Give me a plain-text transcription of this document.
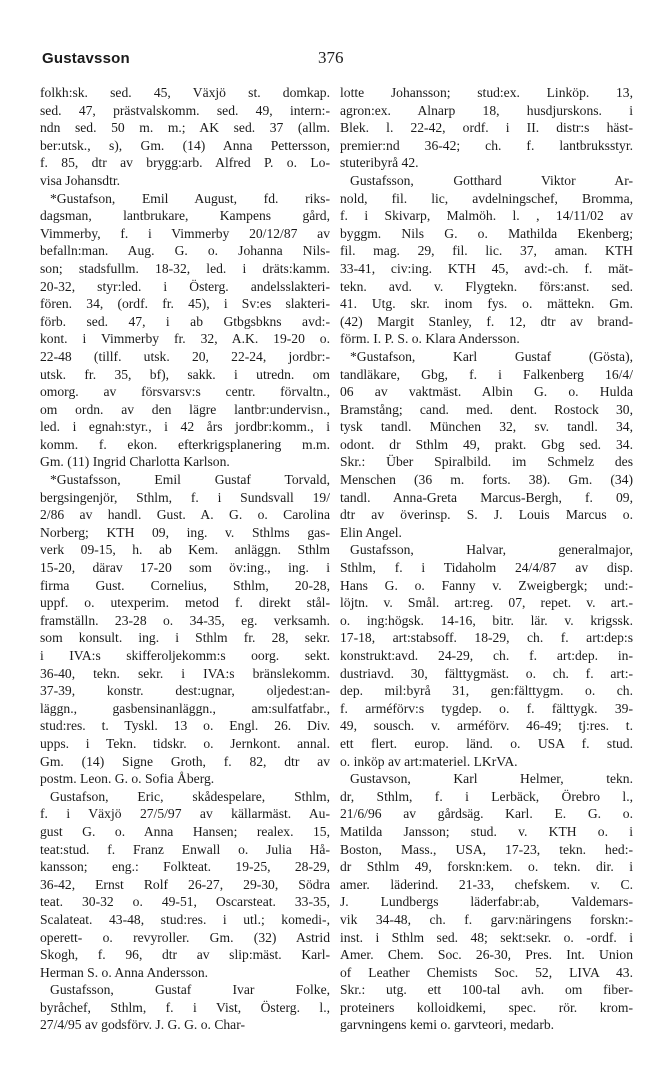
Gustavsson	376
folkh:sk. sed. 45, Växjö st. domkap.
sed. 47, prästvalskomm. sed. 49, intern:-
ndn sed. 50 m. m.; AK sed. 37 (allm.
ber:utsk., s), Gm. (14) Anna Pettersson,
f. 85, dtr av brygg:arb. Alfred P. o. Lo-
visa Johansdtr.
*Gustafson, Emil August, fd. riks-
dagsman, lantbrukare, Kampens gård,
Vimmerby, f. i Vimmerby 20/12/87 av
befalln:man. Aug. G. o. Johanna Nils-
son; stadsfullm. 18-32, led. i dräts:kamm.
20-32, styr:led. i Österg. andelsslakteri-
fören. 34, (ordf. fr. 45), i Sv:es slakteri-
förb. sed. 47, i ab Gtbgsbkns avd:-
kont. i Vimmerby fr. 32, A.K. 19-20 o.
22-48 (tillf. utsk. 20, 22-24, jordbr:-
utsk. fr. 35, bf), sakk. i utredn. om
omorg. av försvarsv:s centr. förvaltn.,
om ordn. av den lägre lantbr:undervisn.,
led. i egnah:styr., i 42 års jordbr:komm., i
komm. f. ekon. efterkrigsplanering m.m.
Gm. (11) Ingrid Charlotta Karlson.
*Gustafsson, Emil Gustaf Torvald,
bergsingenjör, Sthlm, f. i Sundsvall 19/
2/86 av handl. Gust. A. G. o. Carolina
Norberg; KTH 09, ing. v. Sthlms gas-
verk 09-15, h. ab Kem. anläggn. Sthlm
15-20, därav 17-20 som öv:ing., ing. i
firma Gust. Cornelius, Sthlm, 20-28,
uppf. o. utexperim. metod f. direkt stål-
framställn. 23-28 o. 34-35, eg. verksamh.
som konsult. ing. i Sthlm fr. 28, sekr.
i IVA:s skifferoljekomm:s oorg. sekt.
36-40, tekn. sekr. i IVA:s bränslekomm.
37-39, konstr. dest:ugnar, oljedest:an-
läggn., gasbensinanläggn., am:sulfatfabr.,
stud:res. t. Tyskl. 13 o. Engl. 26. Div.
upps. i Tekn. tidskr. o. Jernkont. annal.
Gm. (14) Signe Groth, f. 82, dtr av
postm. Leon. G. o. Sofia Åberg.
Gustafson, Eric, skådespelare, Sthlm,
f. i Växjö 27/5/97 av källarmäst. Au-
gust G. o. Anna Hansen; realex. 15,
teat:stud. f. Franz Enwall o. Julia Hå-
kansson; eng.: Folkteat. 19-25, 28-29,
36-42, Ernst Rolf 26-27, 29-30, Södra
teat. 30-32 o. 49-51, Oscarsteat. 33-35,
Scalateat. 43-48, stud:res. i utl.; komedi-,
operett- o. revyroller. Gm. (32) Astrid
Skogh, f. 96, dtr av slip:mäst. Karl-
Herman S. o. Anna Andersson.
Gustafsson, Gustaf Ivar Folke,
byråchef, Sthlm, f. i Vist, Österg. l.,
27/4/95 av godsförv. J. G. G. o. Char-
lotte Johansson; stud:ex. Linköp. 13,
agron:ex. Alnarp 18, husdjurskons. i
Blek. l. 22-42, ordf. i II. distr:s häst-
premier:nd 36-42; ch. f. lantbruksstyr.
stuteribyrå 42.
Gustafsson, Gotthard Viktor Ar-
nold, fil. lic, avdelningschef, Bromma,
f. i Skivarp, Malmöh. l. , 14/11/02 av
byggm. Nils G. o. Mathilda Ekenberg;
fil. mag. 29, fil. lic. 37, aman. KTH
33-41, civ:ing. KTH 45, avd:-ch. f. mät-
tekn. avd. v. Flygtekn. förs:anst. sed.
41. Utg. skr. inom fys. o. mättekn. Gm.
(42) Margit Stanley, f. 12, dtr av brand-
förm. I. P. S. o. Klara Andersson.
*Gustafson, Karl Gustaf (Gösta),
tandläkare, Gbg, f. i Falkenberg 16/4/
06 av vaktmäst. Albin G. o. Hulda
Bramstång; cand. med. dent. Rostock 30,
tysk tandl. München 32, sv. tandl. 34,
odont. dr Sthlm 49, prakt. Gbg sed. 34.
Skr.: Über Spiralbild. im Schmelz des
Menschen (36 m. forts. 38). Gm. (34)
tandl. Anna-Greta Marcus-Bergh, f. 09,
dtr av överinsp. S. J. Louis Marcus o.
Elin Angel.
Gustafsson, Halvar, generalmajor,
Sthlm, f. i Tidaholm 24/4/87 av disp.
Hans G. o. Fanny v. Zweigbergk; und:-
löjtn. v. Smål. art:reg. 07, repet. v. art.-
o. ing:högsk. 14-16, bitr. lär. v. krigssk.
17-18, art:stabsoff. 18-29, ch. f. art:dep:s
konstrukt:avd. 24-29, ch. f. art:dep. in-
dustriavd. 30, fälttygmäst. o. ch. f. art:-
dep. mil:byrå 31, gen:fälttygm. o. ch.
f. arméförv:s tygdep. o. f. fälttygk. 39-
49, sousch. v. arméförv. 46-49; tj:res. t.
ett flert. europ. länd. o. USA f. stud.
o. inköp av art:materiel. LKrVA.
Gustavson, Karl Helmer, tekn.
dr, Sthlm, f. i Lerbäck, Örebro l.,
21/6/96 av gårdsäg. Karl. E. G. o.
Matilda Jansson; stud. v. KTH o. i
Boston, Mass., USA, 17-23, tekn. hed:-
dr Sthlm 49, forskn:kem. o. tekn. dir. i
amer. läderind. 21-33, chefskem. v. C.
J. Lundbergs läderfabr:ab, Valdemars-
vik 34-48, ch. f. garv:näringens forskn:-
inst. i Sthlm sed. 48; sekt:sekr. o. -ordf. i
Amer. Chem. Soc. 26-30, Pres. Int. Union
of Leather Chemists Soc. 52, LIVA 43.
Skr.: utg. ett 100-tal avh. om fiber-
proteiners kolloidkemi, spec. rör. krom-
garvningens kemi o. garvteori, medarb.
